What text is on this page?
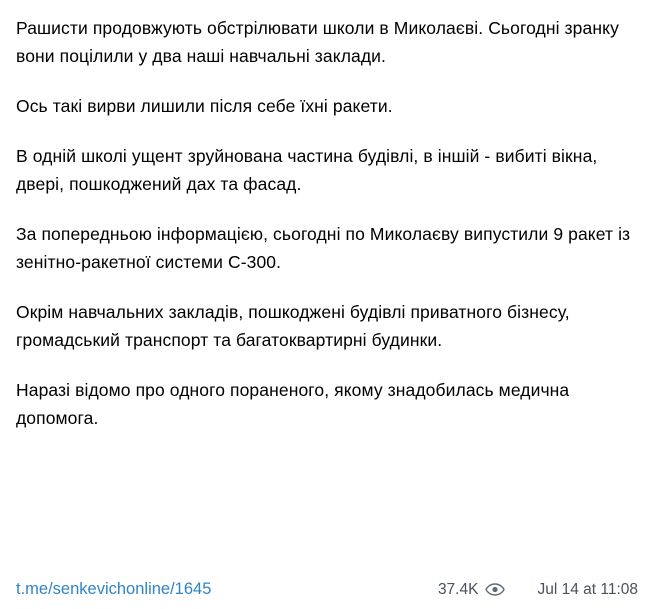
Рашисти продовжують обстрілювати школи в Миколаєві. Сьогодні зранку вони поцілили у два наші навчальні заклади.

Ось такі вирви лишили після себе їхні ракети.

В одній школі ущент зруйнована частина будівлі, в іншій - вибиті вікна, двері, пошкоджений дах та фасад.

За попередньою інформацією, сьогодні по Миколаєву випустили 9 ракет із зенітно-ракетної системи С-300.

Окрім навчальних закладів, пошкоджені будівлі приватного бізнесу, громадський транспорт та багатоквартирні будинки.

Наразі відомо про одного пораненого, якому знадобилась медична допомога.

t.me/senkevichonline/1645	37.4K	Jul 14 at 11:08
